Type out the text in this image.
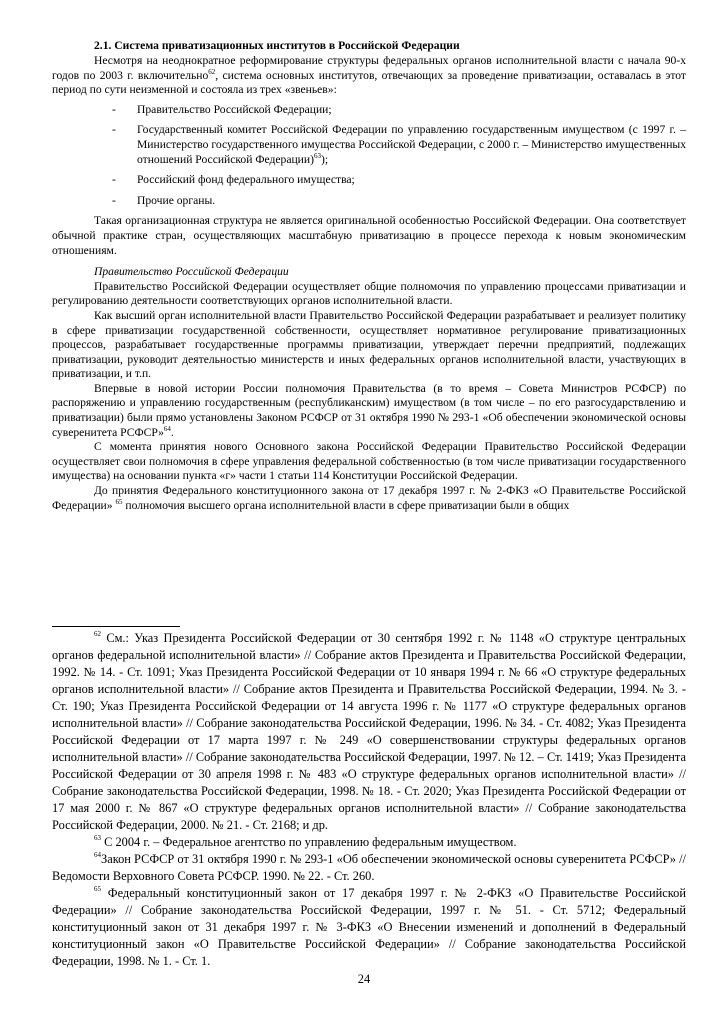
2.1. Система приватизационных институтов в Российской Федерации

Несмотря на неоднократное реформирование структуры федеральных органов исполнительной власти с начала 90-х годов по 2003 г. включительно$^{62}$, система основных институтов, отвечающих за проведение приватизации, оставалась в этот период по сути неизменной и состояла из трех «звеньев»:

- Правительство Российской Федерации;
- Государственный комитет Российской Федерации по управлению государственным имуществом (с 1997 г. – Министерство государственного имущества Российской Федерации, с 2000 г. – Министерство имущественных отношений Российской Федерации)$^{63}$);
- Российский фонд федерального имущества;
- Прочие органы.

Такая организационная структура не является оригинальной особенностью Российской Федерации. Она соответствует обычной практике стран, осуществляющих масштабную приватизацию в процессе перехода к новым экономическим отношениям.

Правительство Российской Федерации

Правительство Российской Федерации осуществляет общие полномочия по управлению процессами приватизации и регулированию деятельности соответствующих органов исполнительной власти.

Как высший орган исполнительной власти Правительство Российской Федерации разрабатывает и реализует политику в сфере приватизации государственной собственности, осуществляет нормативное регулирование приватизационных процессов, разрабатывает государственные программы приватизации, утверждает перечни предприятий, подлежащих приватизации, руководит деятельностью министерств и иных федеральных органов исполнительной власти, участвующих в приватизации, и т.п.

Впервые в новой истории России полномочия Правительства (в то время – Совета Министров РСФСР) по распоряжению и управлению государственным (республиканским) имуществом (в том числе – по его разгосударствлению и приватизации) были прямо установлены Законом РСФСР от 31 октября 1990 № 293-1 «Об обеспечении экономической основы суверенитета РСФСР»$^{64}$.

С момента принятия нового Основного закона Российской Федерации Правительство Российской Федерации осуществляет свои полномочия в сфере управления федеральной собственностью (в том числе приватизации государственного имущества) на основании пункта «г» части 1 статьи 114 Конституции Российской Федерации.

До принятия Федерального конституционного закона от 17 декабря 1997 г. № 2-ФКЗ «О Правительстве Российской Федерации» $^{65}$ полномочия высшего органа исполнительной власти в сфере приватизации были в общих

$^{62}$ См.: Указ Президента Российской Федерации от 30 сентября 1992 г. № 1148 «О структуре центральных органов федеральной исполнительной власти» // Собрание актов Президента и Правительства Российской Федерации, 1992. № 14. - Ст. 1091; Указ Президента Российской Федерации от 10 января 1994 г. № 66 «О структуре федеральных органов исполнительной власти» // Собрание актов Президента и Правительства Российской Федерации, 1994. № 3. - Ст. 190; Указ Президента Российской Федерации от 14 августа 1996 г. № 1177 «О структуре федеральных органов исполнительной власти» // Собрание законодательства Российской Федерации, 1996. № 34. - Ст. 4082; Указ Президента Российской Федерации от 17 марта 1997 г. № 249 «О совершенствовании структуры федеральных органов исполнительной власти» // Собрание законодательства Российской Федерации, 1997. № 12. – Ст. 1419; Указ Президента Российской Федерации от 30 апреля 1998 г. № 483 «О структуре федеральных органов исполнительной власти» // Собрание законодательства Российской Федерации, 1998. № 18. - Ст. 2020; Указ Президента Российской Федерации от 17 мая 2000 г. № 867 «О структуре федеральных органов исполнительной власти» // Собрание законодательства Российской Федерации, 2000. № 21. - Ст. 2168; и др.

$^{63}$ С 2004 г. – Федеральное агентство по управлению федеральным имуществом.

$^{64}$Закон РСФСР от 31 октября 1990 г. № 293-1 «Об обеспечении экономической основы суверенитета РСФСР» // Ведомости Верховного Совета РСФСР. 1990. № 22. - Ст. 260.

$^{65}$ Федеральный конституционный закон от 17 декабря 1997 г. № 2-ФКЗ «О Правительстве Российской Федерации» // Собрание законодательства Российской Федерации, 1997 г. № 51. - Ст. 5712; Федеральный конституционный закон от 31 декабря 1997 г. № 3-ФКЗ «О Внесении изменений и дополнений в Федеральный конституционный закон «О Правительстве Российской Федерации» // Собрание законодательства Российской Федерации, 1998. № 1. - Ст. 1.

24
